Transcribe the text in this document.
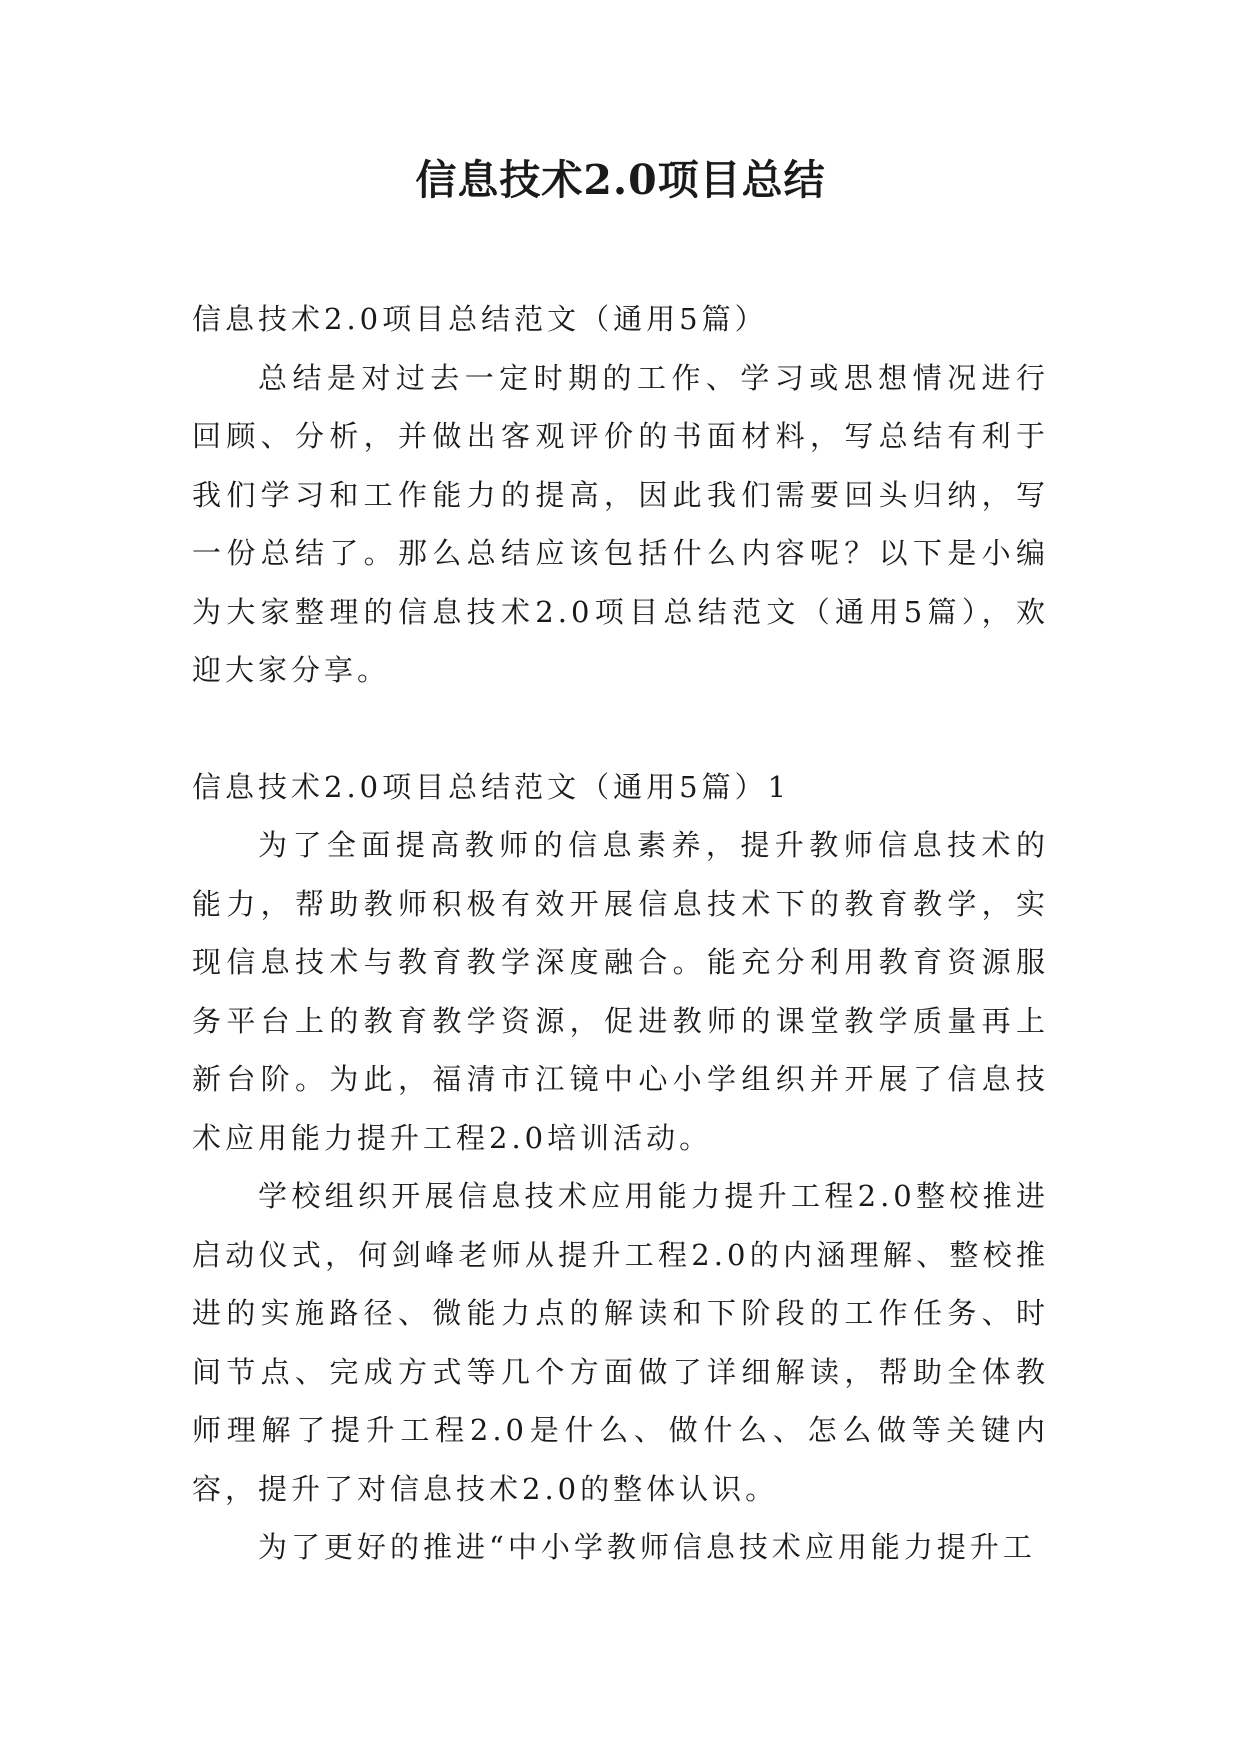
信息技术2.0项目总结

信息技术2.0项目总结范文（通用5篇）

总结是对过去一定时期的工作、学习或思想情况进行回顾、分析，并做出客观评价的书面材料，写总结有利于我们学习和工作能力的提高，因此我们需要回头归纳，写一份总结了。那么总结应该包括什么内容呢？以下是小编为大家整理的信息技术2.0项目总结范文（通用5篇），欢迎大家分享。

信息技术2.0项目总结范文（通用5篇）1

为了全面提高教师的信息素养，提升教师信息技术的能力，帮助教师积极有效开展信息技术下的教育教学，实现信息技术与教育教学深度融合。能充分利用教育资源服务平台上的教育教学资源，促进教师的课堂教学质量再上新台阶。为此，福清市江镜中心小学组织并开展了信息技术应用能力提升工程2.0培训活动。

学校组织开展信息技术应用能力提升工程2.0整校推进启动仪式，何剑峰老师从提升工程2.0的内涵理解、整校推进的实施路径、微能力点的解读和下阶段的工作任务、时间节点、完成方式等几个方面做了详细解读，帮助全体教师理解了提升工程2.0是什么、做什么、怎么做等关键内容，提升了对信息技术2.0的整体认识。

为了更好的推进“中小学教师信息技术应用能力提升工
